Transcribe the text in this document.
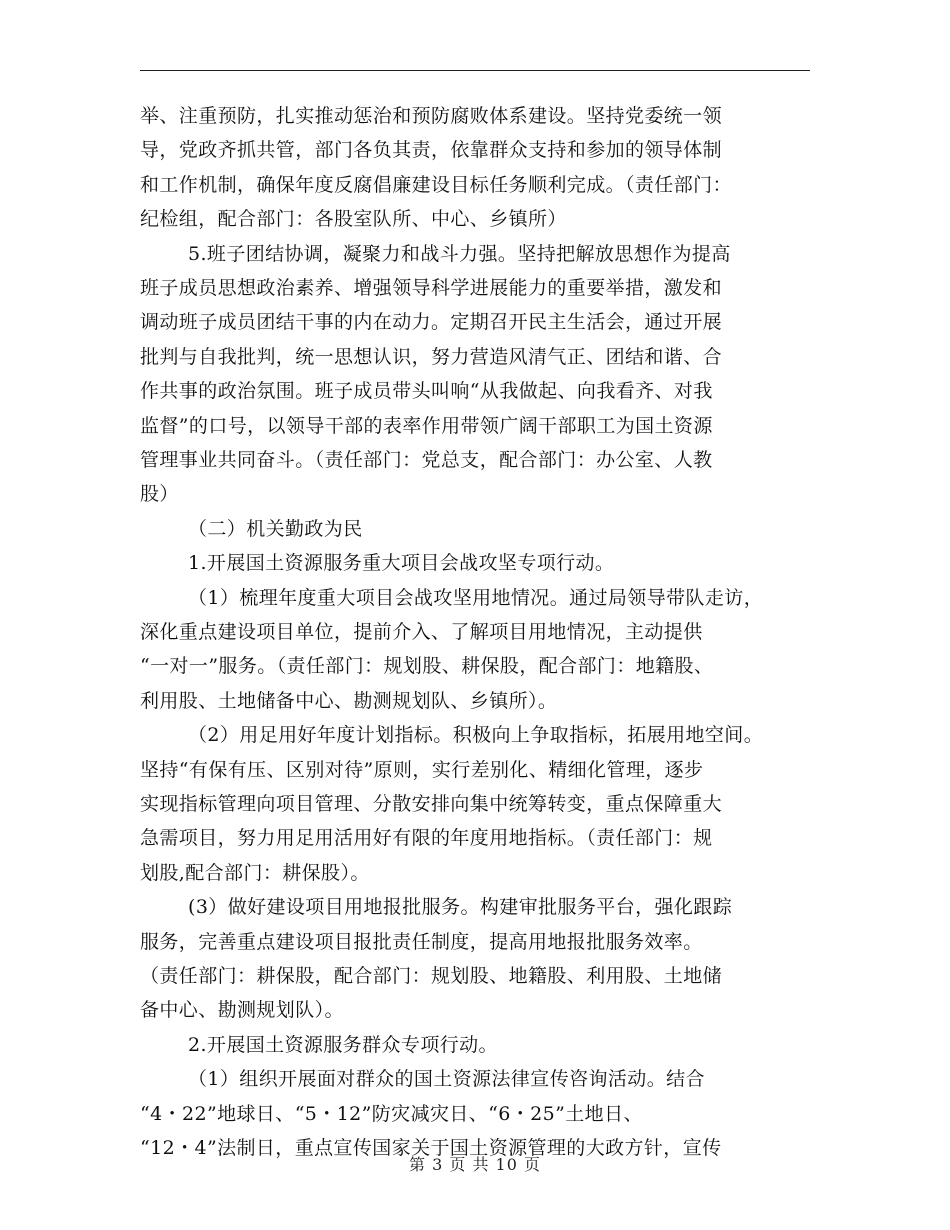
举、注重预防，扎实推动惩治和预防腐败体系建设。坚持党委统一领
导，党政齐抓共管，部门各负其责，依靠群众支持和参加的领导体制
和工作机制，确保年度反腐倡廉建设目标任务顺利完成。（责任部门：
纪检组，配合部门：各股室队所、中心、乡镇所）
5.班子团结协调，凝聚力和战斗力强。坚持把解放思想作为提高
班子成员思想政治素养、增强领导科学进展能力的重要举措，激发和
调动班子成员团结干事的内在动力。定期召开民主生活会，通过开展
批判与自我批判，统一思想认识，努力营造风清气正、团结和谐、合
作共事的政治氛围。班子成员带头叫响“从我做起、向我看齐、对我
监督”的口号，以领导干部的表率作用带领广阔干部职工为国土资源
管理事业共同奋斗。（责任部门：党总支，配合部门：办公室、人教
股）
（二）机关勤政为民
1.开展国土资源服务重大项目会战攻坚专项行动。
（1）梳理年度重大项目会战攻坚用地情况。通过局领导带队走访，
深化重点建设项目单位，提前介入、了解项目用地情况，主动提供
“一对一”服务。（责任部门：规划股、耕保股，配合部门：地籍股、
利用股、土地储备中心、勘测规划队、乡镇所）。
（2）用足用好年度计划指标。积极向上争取指标，拓展用地空间。
坚持“有保有压、区别对待”原则，实行差别化、精细化管理，逐步
实现指标管理向项目管理、分散安排向集中统筹转变，重点保障重大
急需项目，努力用足用活用好有限的年度用地指标。（责任部门：规
划股,配合部门：耕保股）。
(3）做好建设项目用地报批服务。构建审批服务平台，强化跟踪
服务，完善重点建设项目报批责任制度，提高用地报批服务效率。
（责任部门：耕保股，配合部门：规划股、地籍股、利用股、土地储
备中心、勘测规划队）。
2.开展国土资源服务群众专项行动。
（1）组织开展面对群众的国土资源法律宣传咨询活动。结合
“4・22”地球日、“5・12”防灾减灾日、“6・25”土地日、
“12・4”法制日，重点宣传国家关于国土资源管理的大政方针，宣传
第 3 页 共 10 页
